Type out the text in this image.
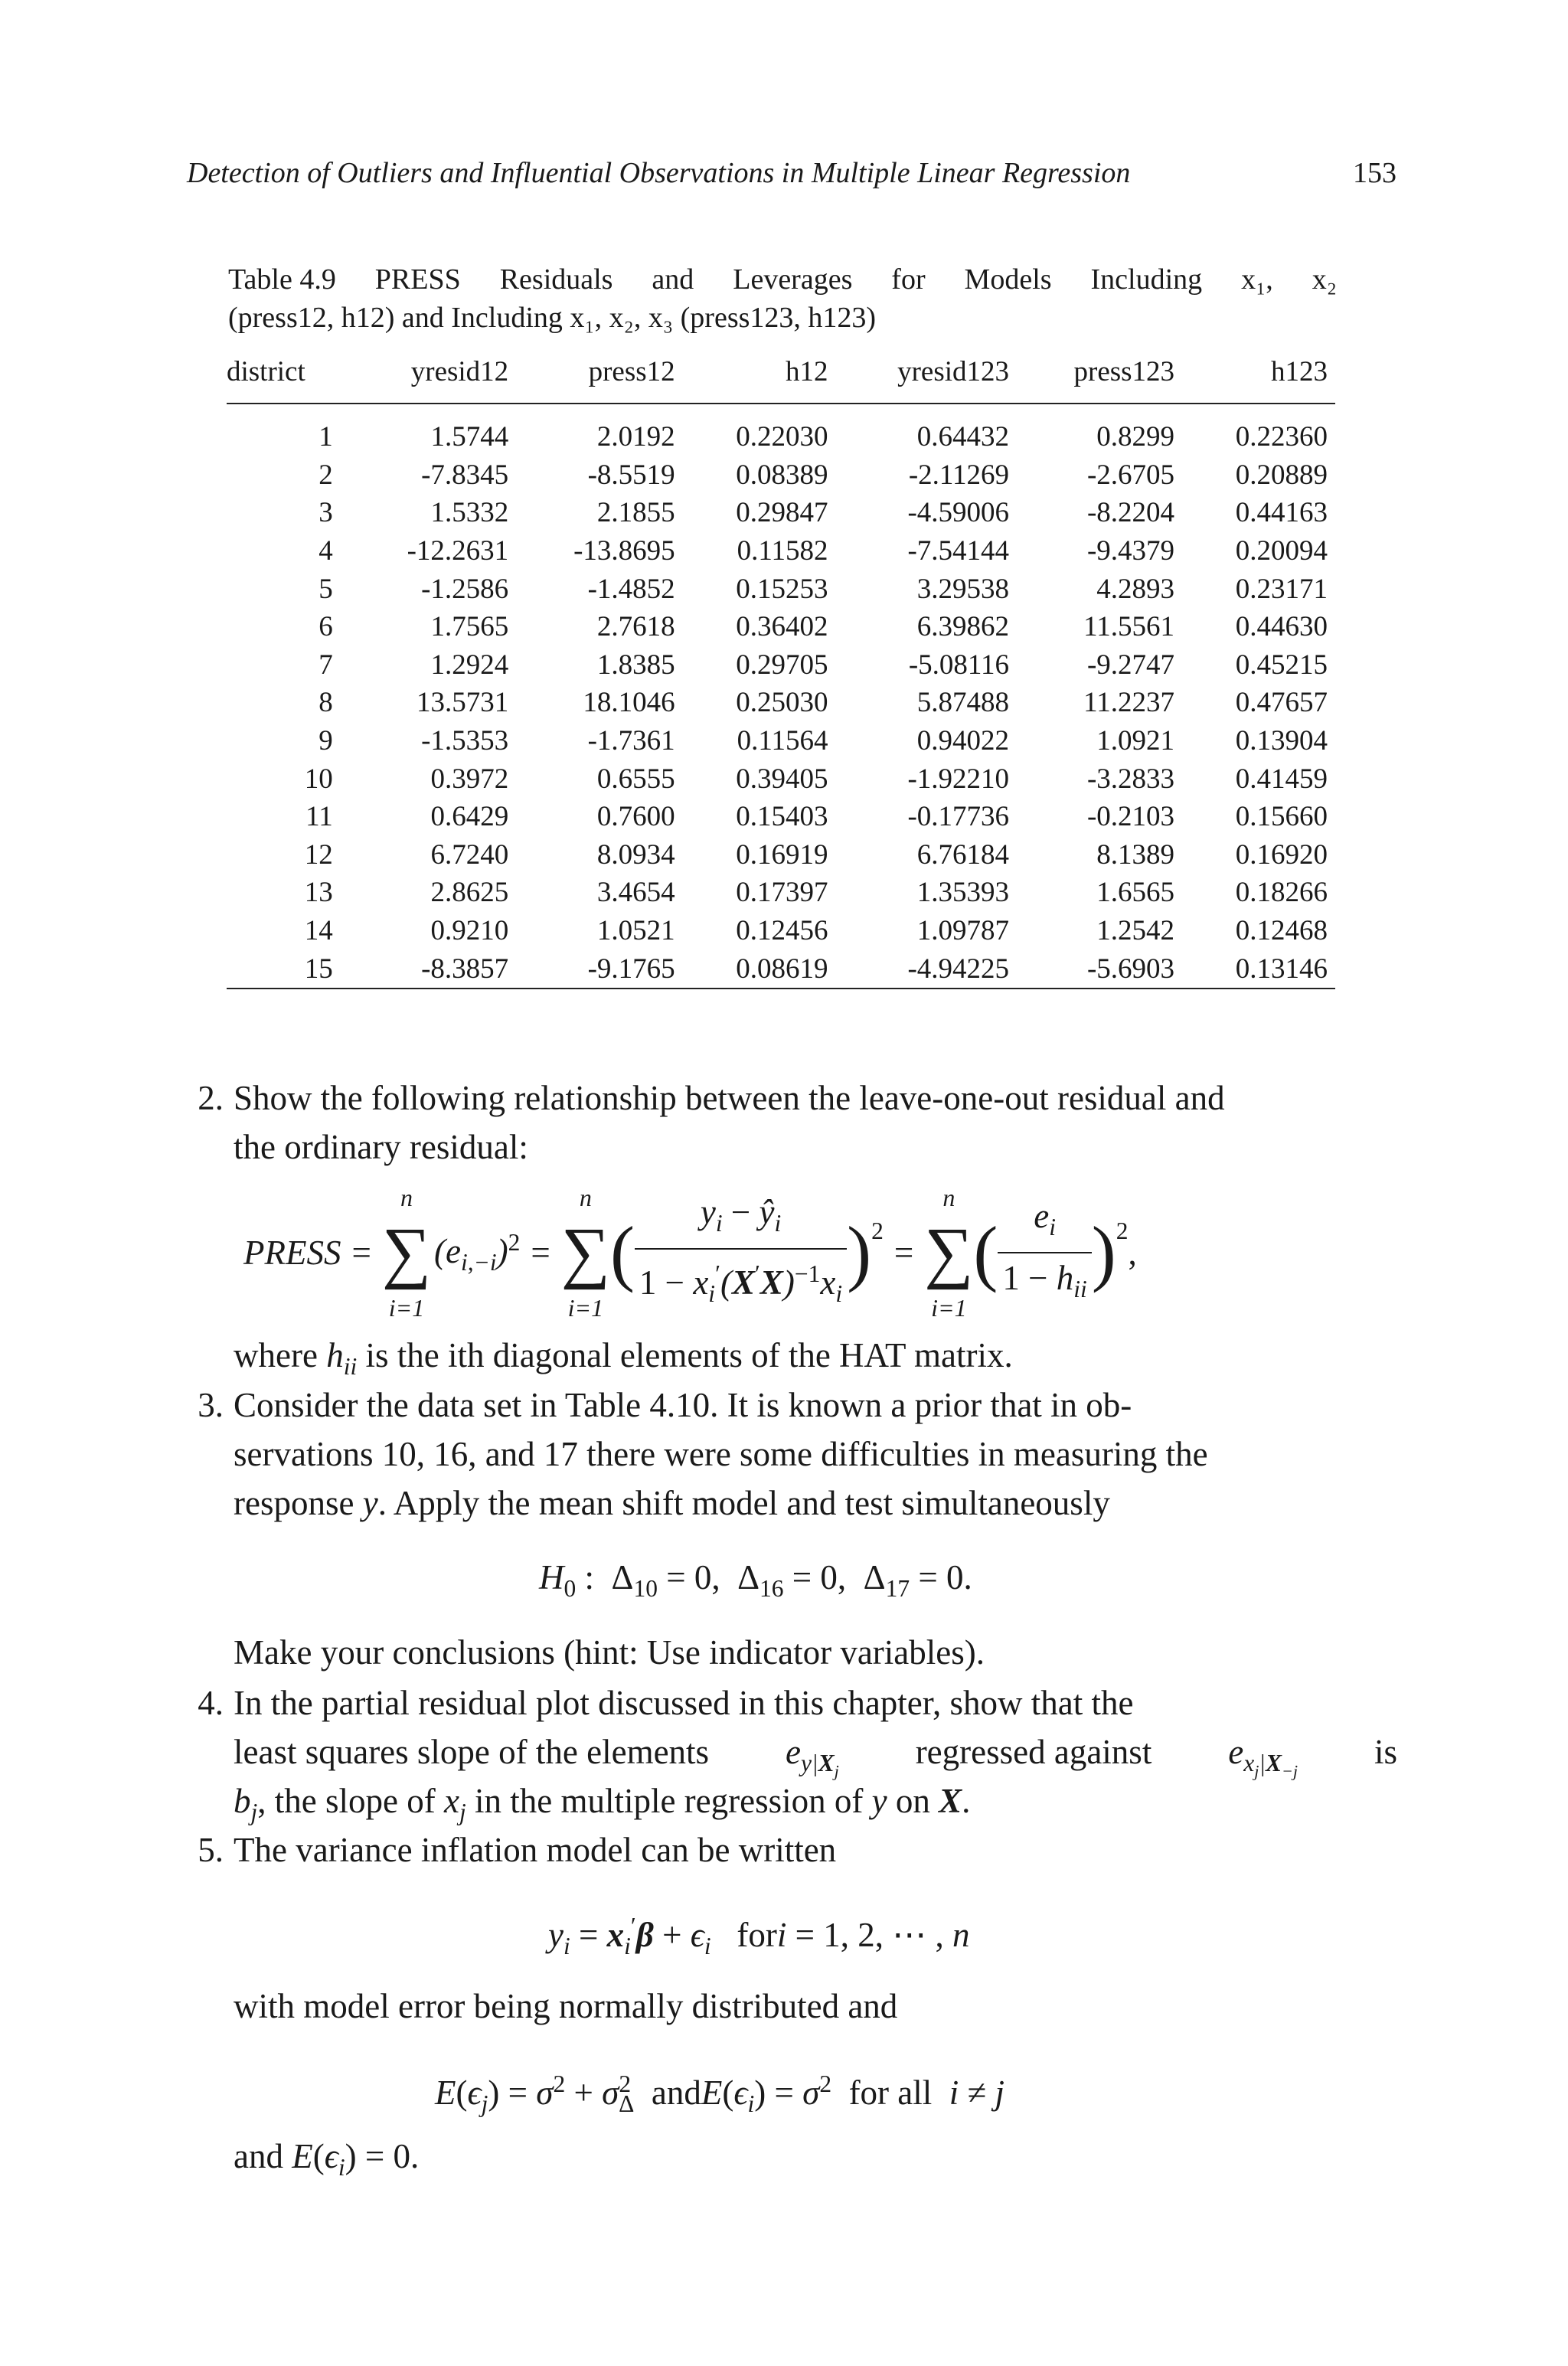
Detection of Outliers and Influential Observations in Multiple Linear Regression	153
Table 4.9 PRESS Residuals and Leverages for Models Including x₁, x₂
(press12, h12) and Including x₁, x₂, x₃ (press123, h123)
district	yresid12	press12	h12	yresid123	press123	h123

1	1.5744	2.0192	0.22030	0.64432	0.8299	0.22360
2	-7.8345	-8.5519	0.08389	-2.11269	-2.6705	0.20889
3	1.5332	2.1855	0.29847	-4.59006	-8.2204	0.44163
4	-12.2631	-13.8695	0.11582	-7.54144	-9.4379	0.20094
5	-1.2586	-1.4852	0.15253	3.29538	4.2893	0.23171
6	1.7565	2.7618	0.36402	6.39862	11.5561	0.44630
7	1.2924	1.8385	0.29705	-5.08116	-9.2747	0.45215
8	13.5731	18.1046	0.25030	5.87488	11.2237	0.47657
9	-1.5353	-1.7361	0.11564	0.94022	1.0921	0.13904
10	0.3972	0.6555	0.39405	-1.92210	-3.2833	0.41459
11	0.6429	0.7600	0.15403	-0.17736	-0.2103	0.15660
12	6.7240	8.0934	0.16919	6.76184	8.1389	0.16920
13	2.8625	3.4654	0.17397	1.35393	1.6565	0.18266
14	0.9210	1.0521	0.12456	1.09787	1.2542	0.12468
15	-8.3857	-9.1765	0.08619	-4.94225	-5.6903	0.13146
2. Show the following relationship between the leave-one-out residual and
the ordinary residual:
PRESS =
n
∑
i=1
$(e_{i,-i})^2$ =
n
∑
i=1
( $\frac{y_i - ŷ_i}{1 - x_i'(X'X)^{-1}x_i} )^2$
=
n
∑
i=1
( $\frac{e_i}{1 - h_{ii}} )^2$
,
where $h_{ii}$ is the ith diagonal elements of the HAT matrix.
3. Consider the data set in Table 4.10. It is known a prior that in ob-
servations 10, 16, and 17 there were some difficulties in measuring the
response y. Apply the mean shift model and test simultaneously
$H_0$ :  $\Delta_{10} = 0$,  $\Delta_{16} = 0$,  $\Delta_{17} = 0$.
Make your conclusions (hint: Use indicator variables).
4. In the partial residual plot discussed in this chapter, show that the
least squares slope of the elements $e_{y|X_j}$ regressed against $e_{x_j|X_{-j}}$ is
$b_j$, the slope of $x_j$ in the multiple regression of y on X.
5. The variance inflation model can be written
$y_i = x_i'\beta + \epsilon_i$ fori = 1, 2, ⋯ , n
with model error being normally distributed and
$E(\epsilon_j) = \sigma^2 + \sigma^2_\Delta$ $andE(\epsilon_i) = \sigma^2$ for all  i ≠ j
and $E(\epsilon_i) = 0$.
